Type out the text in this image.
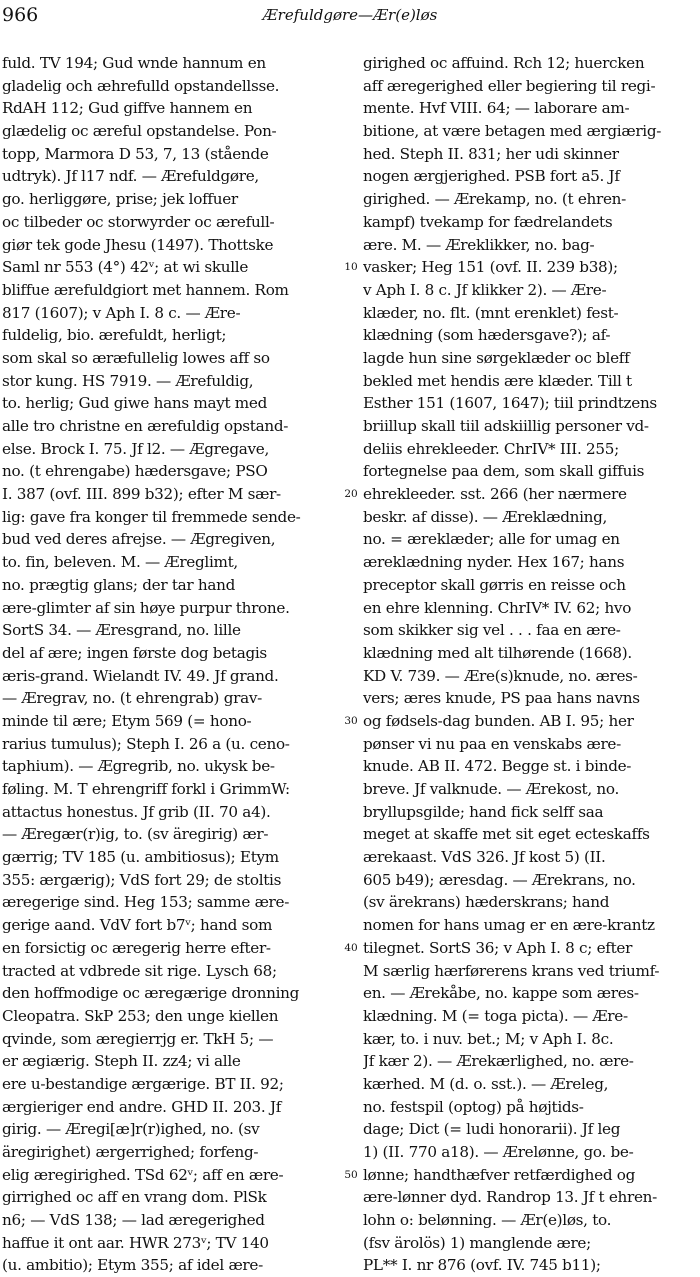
966	Ærefuldgøre—Ær(e)løs
fuld. TV 194; Gud wnde hannum en
gladelig och æhrefulld opstandellsse.
RdAH 112; Gud giffve hannem en
glædelig oc æreful opstandelse. Pon-
topp, Marmora D 53, 7, 13 (stående
udtryk). Jf l17 ndf. — Ærefuldgøre,
go. herliggøre, prise; jek loffuer
oc tilbeder oc storwyrder oc ærefull-
giør tek gode Jhesu (1497). Thottske
Saml nr 553 (4°) 42ᵛ; at wi skulle
bliffue ærefuldgiort met hannem. Rom
817 (1607); v Aph I. 8 c. — Ære-
fuldelig, bio. ærefuldt, herligt;
som skal so æræfullelig lowes aff so
stor kung. HS 7919. — Ærefuldig,
to. herlig; Gud giwe hans mayt med
alle tro christne en ærefuldig opstand-
else. Brock I. 75. Jf l2. — Ægregave,
no. (t ehrengabe) hædersgave; PSO
I. 387 (ovf. III. 899 b32); efter M sær-
lig: gave fra konger til fremmede sende-
bud ved deres afrejse. — Ægregiven,
to. fin, beleven. M. — Æreglimt,
no. prægtig glans; der tar hand
ære-glimter af sin høye purpur throne.
SortS 34. — Æresgrand, no. lille
del af ære; ingen første dog betagis
æris-grand. Wielandt IV. 49. Jf grand.
— Æregrav, no. (t ehrengrab) grav-
minde til ære; Etym 569 (= hono-
rarius tumulus); Steph I. 26 a (u. ceno-
taphium). — Ægregrib, no. ukysk be-
føling. M. T ehrengriff forkl i GrimmW:
attactus honestus. Jf grib (II. 70 a4).
— Æregær(r)ig, to. (sv äregirig) ær-
gærrig; TV 185 (u. ambitiosus); Etym
355: ærgærig); VdS fort 29; de stoltis
æregerige sind. Heg 153; samme ære-
gerige aand. VdV fort b7ᵛ; hand som
en forsictig oc æregerig herre efter-
tracted at vdbrede sit rige. Lysch 68;
den hoffmodige oc æregærige dronning
Cleopatra. SkP 253; den unge kiellen
qvinde, som æregierrjg er. TkH 5; —
er ægiærig. Steph II. zz4; vi alle
ere u-bestandige ærgærige. BT II. 92;
ærgieriger end andre. GHD II. 203. Jf
girig. — Æregi[æ]r(r)ighed, no. (sv
äregirighet) ærgerrighed; forfeng-
elig æregirighed. TSd 62ᵛ; aff en ære-
girrighed oc aff en vrang dom. PlSk
n6; — VdS 138; — lad æregerighed
haffue it ont aar. HWR 273ᵛ; TV 140
(u. ambitio); Etym 355; af idel ære-
10
20
30
40
50
girighed oc affuind. Rch 12; huercken
aff æregerighed eller begiering til regi-
mente. Hvf VIII. 64; — laborare am-
bitione, at være betagen med ærgiærig-
hed. Steph II. 831; her udi skinner
nogen ærgjerighed. PSB fort a5. Jf
girighed. — Ærekamp, no. (t ehren-
kampf) tvekamp for fædrelandets
ære. M. — Æreklikker, no. bag-
vasker; Heg 151 (ovf. II. 239 b38);
v Aph I. 8 c. Jf klikker 2). — Ære-
klæder, no. flt. (mnt erenklet) fest-
klædning (som hædersgave?); af-
lagde hun sine sørgeklæder oc bleff
bekled met hendis ære klæder. Till t
Esther 151 (1607, 1647); tiil prindtzens
briillup skall tiil adskiillig personer vd-
deliis ehrekleeder. ChrIV* III. 255;
fortegnelse paa dem, som skall giffuis
ehrekleeder. sst. 266 (her nærmere
beskr. af disse). — Æreklædning,
no. = æreklæder; alle for umag en
æreklædning nyder. Hex 167; hans
preceptor skall gørris en reisse och
en ehre klenning. ChrIV* IV. 62; hvo
som skikker sig vel . . . faa en ære-
klædning med alt tilhørende (1668).
KD V. 739. — Ære(s)knude, no. æres-
vers; æres knude, PS paa hans navns
og fødsels-dag bunden. AB I. 95; her
pønser vi nu paa en venskabs ære-
knude. AB II. 472. Begge st. i binde-
breve. Jf valknude. — Ærekost, no.
bryllupsgilde; hand fick selff saa
meget at skaffe met sit eget ecteskaffs
ærekaast. VdS 326. Jf kost 5) (II.
605 b49); æresdag. — Ærekrans, no.
(sv ärekrans) hæderskrans; hand
nomen for hans umag er en ære-krantz
tilegnet. SortS 36; v Aph I. 8 c; efter
M særlig hærførerens krans ved triumf-
en. — Ærekåbe, no. kappe som æres-
klædning. M (= toga picta). — Ære-
kær, to. i nuv. bet.; M; v Aph I. 8c.
Jf kær 2). — Ærekærlighed, no. ære-
kærhed. M (d. o. sst.). — Æreleg,
no. festspil (optog) på højtids-
dage; Dict (= ludi honorarii). Jf leg
1) (II. 770 a18). — Ærelønne, go. be-
lønne; handthæfver retfærdighed og
ære-lønner dyd. Randrop 13. Jf t ehren-
lohn o: belønning. — Ær(e)løs, to.
(fsv ärolös) 1) manglende ære;
PL** I. nr 876 (ovf. IV. 745 b11);
